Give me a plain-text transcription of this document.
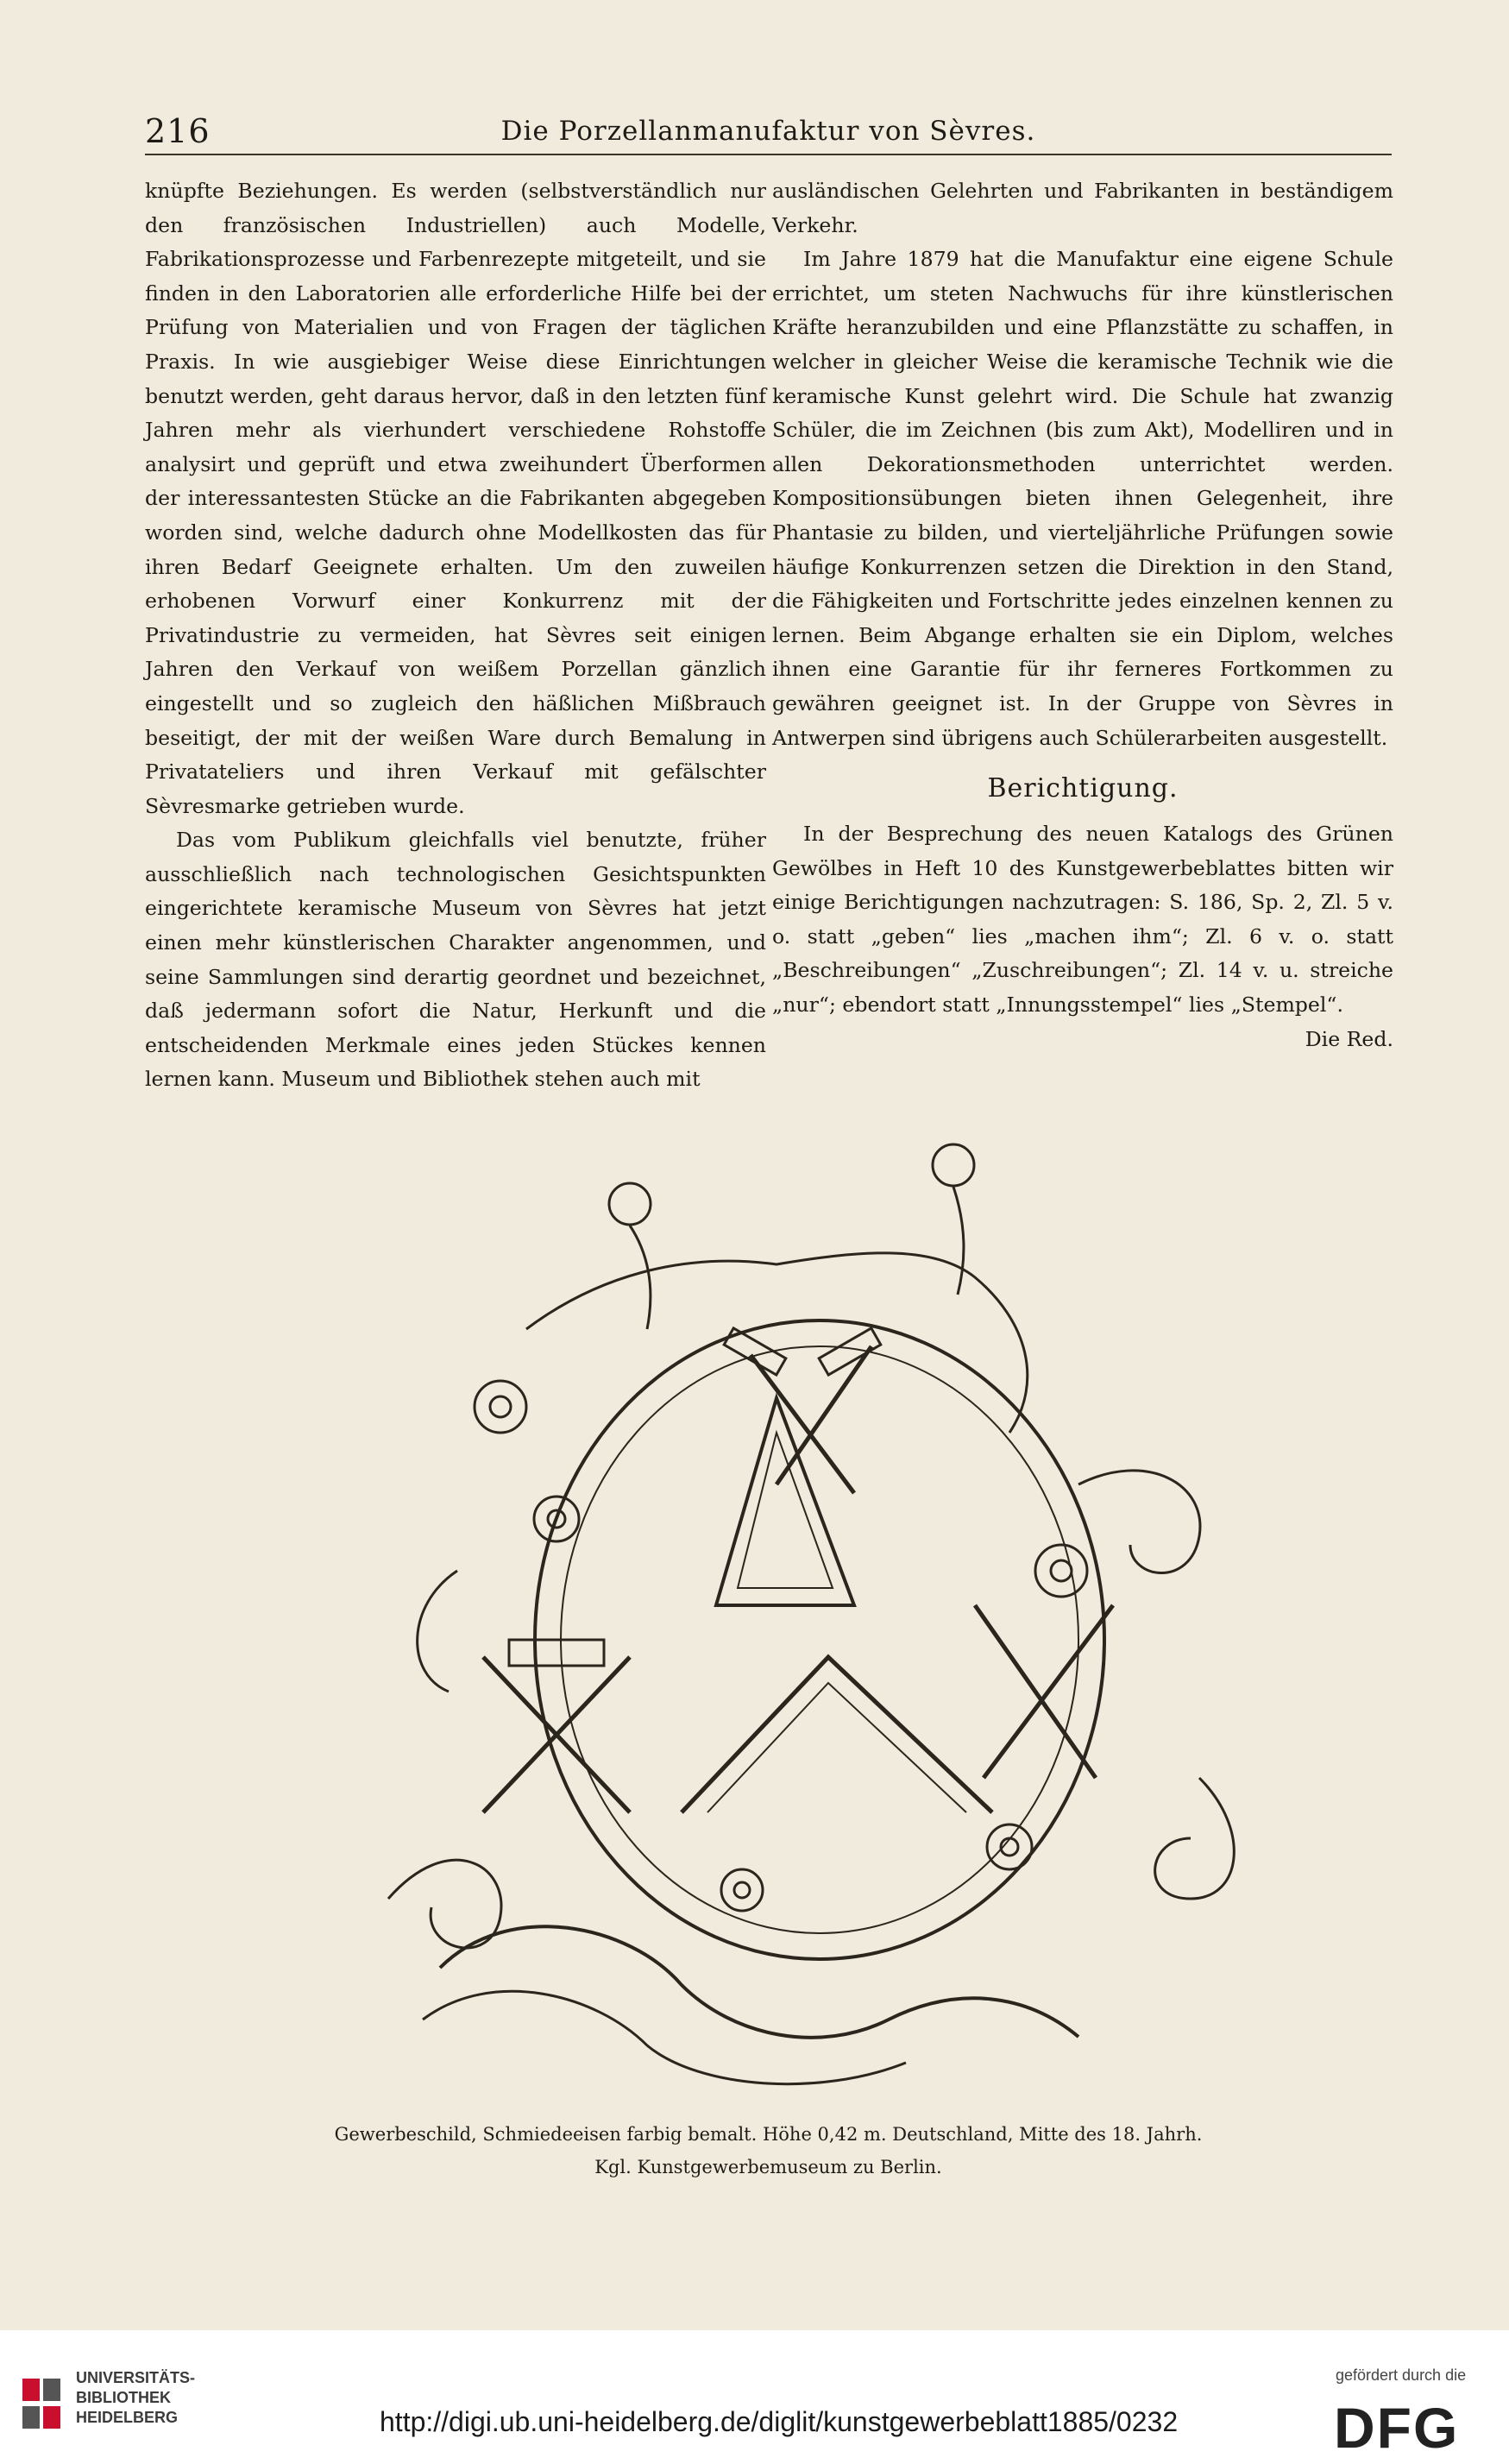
216	Die Porzellanmanufaktur von Sèvres.

knüpfte Beziehungen. Es werden (selbstverständlich nur den französischen Industriellen) auch Modelle, Fabrikationsprozesse und Farbenrezepte mitgeteilt, und sie finden in den Laboratorien alle erforderliche Hilfe bei der Prüfung von Materialien und von Fragen der täglichen Praxis. In wie ausgiebiger Weise diese Einrichtungen benutzt werden, geht daraus hervor, daß in den letzten fünf Jahren mehr als vierhundert verschiedene Rohstoffe analysirt und geprüft und etwa zweihundert Überformen der interessantesten Stücke an die Fabrikanten abgegeben worden sind, welche dadurch ohne Modellkosten das für ihren Bedarf Geeignete erhalten. Um den zuweilen erhobenen Vorwurf einer Konkurrenz mit der Privatindustrie zu vermeiden, hat Sèvres seit einigen Jahren den Verkauf von weißem Porzellan gänzlich eingestellt und so zugleich den häßlichen Mißbrauch beseitigt, der mit der weißen Ware durch Bemalung in Privatateliers und ihren Verkauf mit gefälschter Sèvresmarke getrieben wurde.

Das vom Publikum gleichfalls viel benutzte, früher ausschließlich nach technologischen Gesichtspunkten eingerichtete keramische Museum von Sèvres hat jetzt einen mehr künstlerischen Charakter angenommen, und seine Sammlungen sind derartig geordnet und bezeichnet, daß jedermann sofort die Natur, Herkunft und die entscheidenden Merkmale eines jeden Stückes kennen lernen kann. Museum und Bibliothek stehen auch mit

ausländischen Gelehrten und Fabrikanten in beständigem Verkehr.

Im Jahre 1879 hat die Manufaktur eine eigene Schule errichtet, um steten Nachwuchs für ihre künstlerischen Kräfte heranzubilden und eine Pflanzstätte zu schaffen, in welcher in gleicher Weise die keramische Technik wie die keramische Kunst gelehrt wird. Die Schule hat zwanzig Schüler, die im Zeichnen (bis zum Akt), Modelliren und in allen Dekorationsmethoden unterrichtet werden. Kompositionsübungen bieten ihnen Gelegenheit, ihre Phantasie zu bilden, und vierteljährliche Prüfungen sowie häufige Konkurrenzen setzen die Direktion in den Stand, die Fähigkeiten und Fortschritte jedes einzelnen kennen zu lernen. Beim Abgange erhalten sie ein Diplom, welches ihnen eine Garantie für ihr ferneres Fortkommen zu gewähren geeignet ist. In der Gruppe von Sèvres in Antwerpen sind übrigens auch Schülerarbeiten ausgestellt.

Berichtigung.

In der Besprechung des neuen Katalogs des Grünen Gewölbes in Heft 10 des Kunstgewerbeblattes bitten wir einige Berichtigungen nachzutragen: S. 186, Sp. 2, Zl. 5 v. o. statt „geben“ lies „machen ihm“; Zl. 6 v. o. statt „Beschreibungen“ „Zuschreibungen“; Zl. 14 v. u. streiche „nur“; ebendort statt „Innungsstempel“ lies „Stempel“.

Die Red.

Gewerbeschild, Schmiedeeisen farbig bemalt. Höhe 0,42 m. Deutschland, Mitte des 18. Jahrh.
Kgl. Kunstgewerbemuseum zu Berlin.
UNIVERSITÄTS-
BIBLIOTHEK
HEIDELBERG	http://digi.ub.uni-heidelberg.de/diglit/kunstgewerbeblatt1885/0232
gefördert durch die
DFG
